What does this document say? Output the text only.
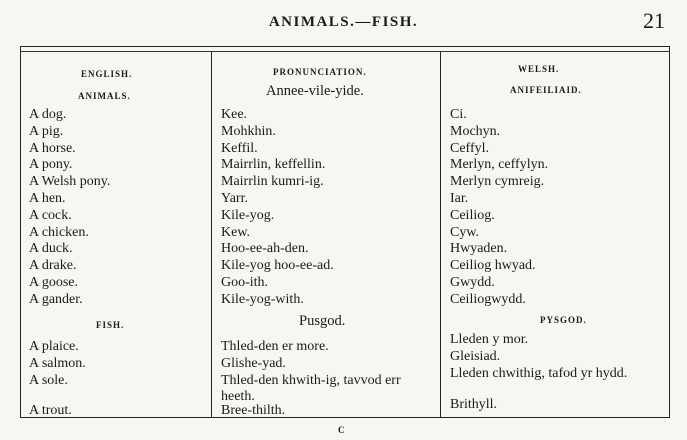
ANIMALS.—FISH.	21
ENGLISH.
ANIMALS.
A dog.
A pig.
A horse.
A pony.
A Welsh pony.
A hen.
A cock.
A chicken.
A duck.
A drake.
A goose.
A gander.
FISH.
A plaice.
A salmon.
A sole.
A trout.
PRONUNCIATION.
Annee-vile-yide.
Kee.
Mohkhin.
Keffil.
Mairrlin, keffellin.
Mairrlin kumri-ig.
Yarr.
Kile-yog.
Kew.
Hoo-ee-ah-den.
Kile-yog hoo-ee-ad.
Goo-ith.
Kile-yog-with.
Pusgod.
Thled-den er more.
Glishe-yad.
Thled-den khwith-ig, tavvod err heeth.
Bree-thilth.
WELSH.
ANIFEILIAID.
Ci.
Mochyn.
Ceffyl.
Merlyn, ceffylyn.
Merlyn cymreig.
Iar.
Ceiliog.
Cyw.
Hwyaden.
Ceiliog hwyad.
Gwydd.
Ceiliogwydd.
PYSGOD.
Lleden y mor.
Gleisiad.
Lleden chwithig, tafod yr hydd.
Brithyll.
C
